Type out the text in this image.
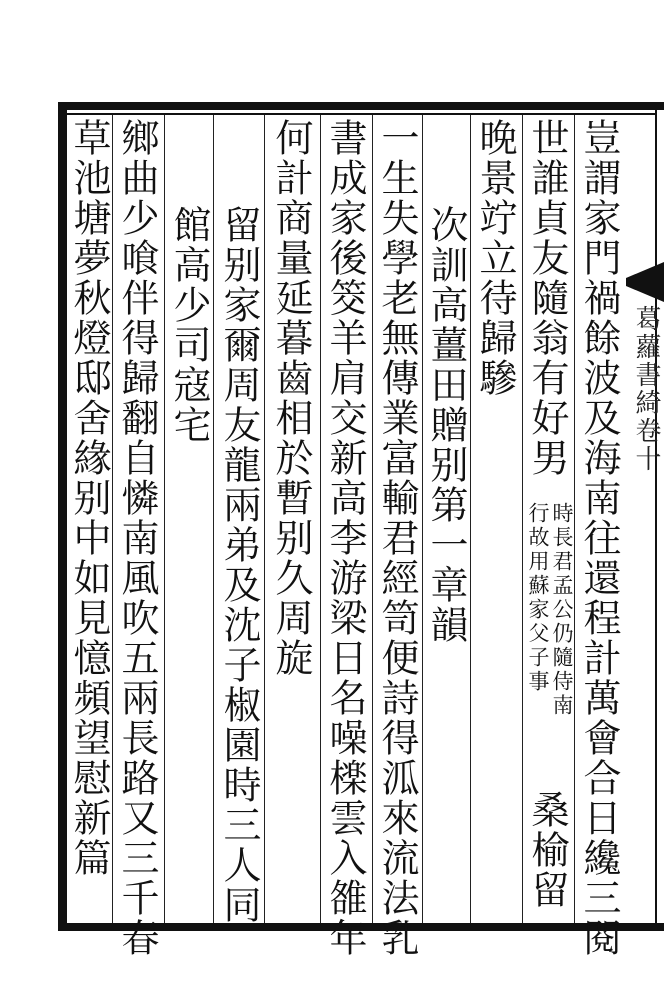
葛蘿書綺卷十
豈謂家門禍餘波及海南往還程計萬會合日纔三閱
世誰貞友隨翁有好男
時長君孟公仍隨侍南
行故用蘇家父子事
桑榆留
晚景竚立待歸驂
次訓高薑田贈别第一章韻
一生失學老無傳業富輸君經笥便詩得泒來流法乳
書成家後筊羊肩交新高李游梁日名噪檪雲入雒年
何計商量延暮齒相於暫别久周旋
留别家爾周友龍兩弟及沈子椒園時三人同
館高少司寇宅
鄉曲少喰伴得歸翻自憐南風吹五兩長路又三千春
草池塘夢秋燈邸舍緣别中如見憶頻望慰新篇
